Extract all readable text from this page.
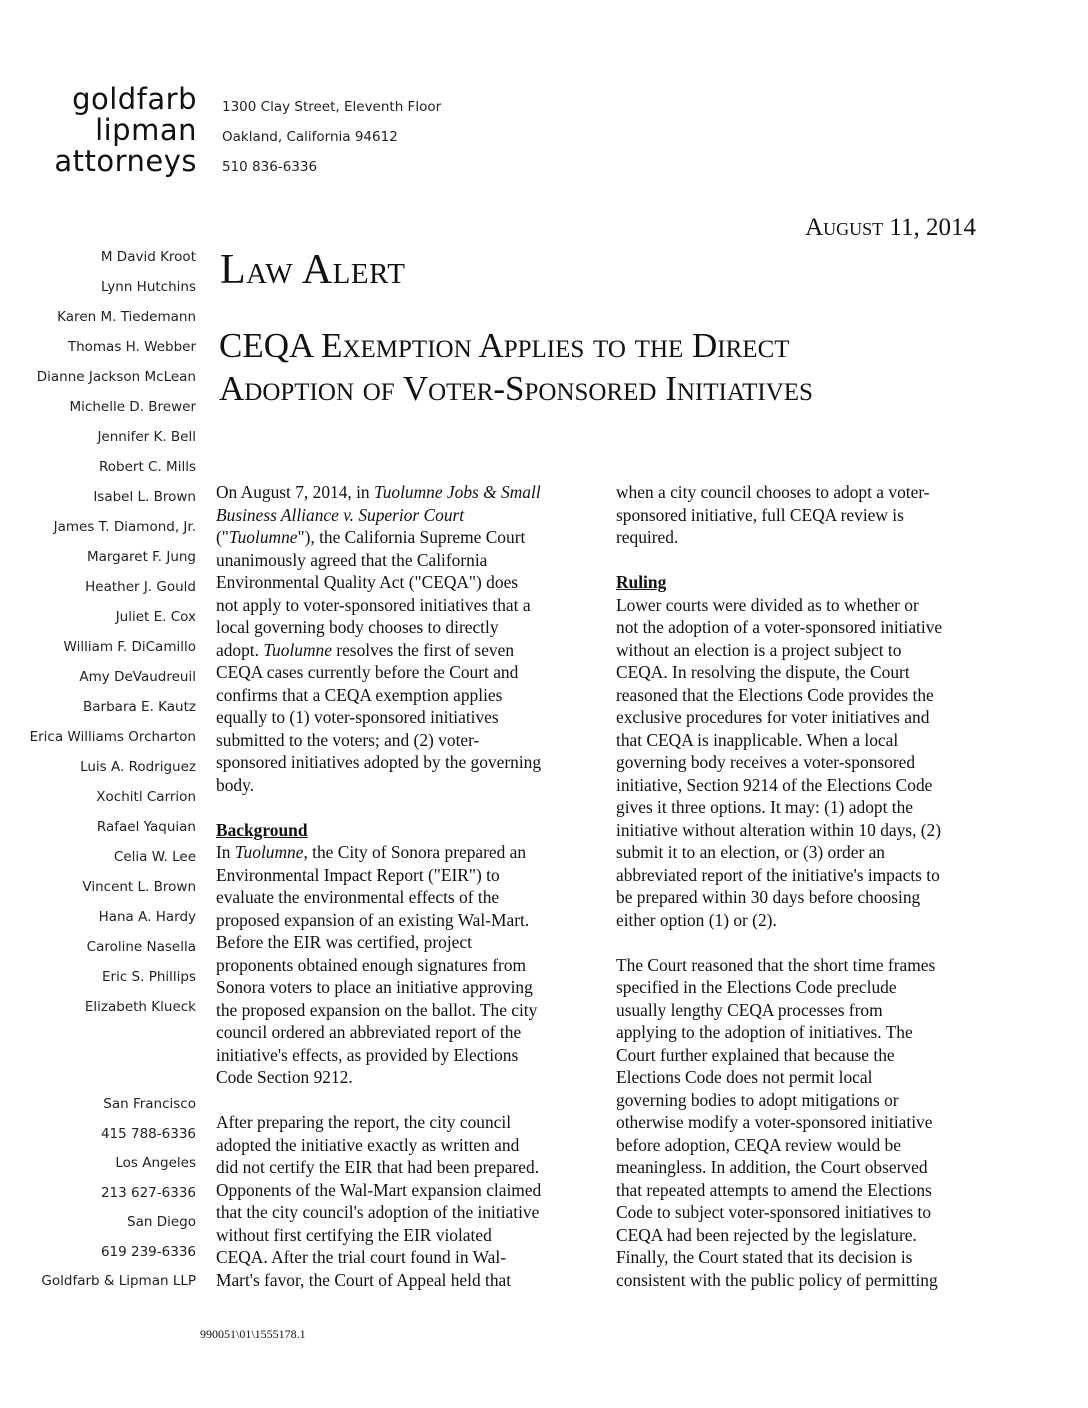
goldfarb
lipman
attorneys
1300 Clay Street, Eleventh Floor
Oakland, California 94612
510 836-6336
August 11, 2014
M David Kroot
Lynn Hutchins
Karen M. Tiedemann
Thomas H. Webber
Dianne Jackson McLean
Michelle D. Brewer
Jennifer K. Bell
Robert C. Mills
Isabel L. Brown
James T. Diamond, Jr.
Margaret F. Jung
Heather J. Gould
Juliet E. Cox
William F. DiCamillo
Amy DeVaudreuil
Barbara E. Kautz
Erica Williams Orcharton
Luis A. Rodriguez
Xochitl Carrion
Rafael Yaquian
Celia W. Lee
Vincent L. Brown
Hana A. Hardy
Caroline Nasella
Eric S. Phillips
Elizabeth Klueck
San Francisco
415 788-6336
Los Angeles
213 627-6336
San Diego
619 239-6336
Goldfarb & Lipman LLP
Law Alert
CEQA Exemption Applies to the Direct
Adoption of Voter-Sponsored Initiatives
On August 7, 2014, in Tuolumne Jobs & Small
Business Alliance v. Superior Court
("Tuolumne"), the California Supreme Court
unanimously agreed that the California
Environmental Quality Act ("CEQA") does
not apply to voter-sponsored initiatives that a
local governing body chooses to directly
adopt. Tuolumne resolves the first of seven
CEQA cases currently before the Court and
confirms that a CEQA exemption applies
equally to (1) voter-sponsored initiatives
submitted to the voters; and (2) voter-
sponsored initiatives adopted by the governing
body.
Background
In Tuolumne, the City of Sonora prepared an
Environmental Impact Report ("EIR") to
evaluate the environmental effects of the
proposed expansion of an existing Wal-Mart.
Before the EIR was certified, project
proponents obtained enough signatures from
Sonora voters to place an initiative approving
the proposed expansion on the ballot. The city
council ordered an abbreviated report of the
initiative's effects, as provided by Elections
Code Section 9212.
After preparing the report, the city council
adopted the initiative exactly as written and
did not certify the EIR that had been prepared.
Opponents of the Wal-Mart expansion claimed
that the city council's adoption of the initiative
without first certifying the EIR violated
CEQA. After the trial court found in Wal-
Mart's favor, the Court of Appeal held that
when a city council chooses to adopt a voter-
sponsored initiative, full CEQA review is
required.
Ruling
Lower courts were divided as to whether or
not the adoption of a voter-sponsored initiative
without an election is a project subject to
CEQA. In resolving the dispute, the Court
reasoned that the Elections Code provides the
exclusive procedures for voter initiatives and
that CEQA is inapplicable. When a local
governing body receives a voter-sponsored
initiative, Section 9214 of the Elections Code
gives it three options. It may: (1) adopt the
initiative without alteration within 10 days, (2)
submit it to an election, or (3) order an
abbreviated report of the initiative's impacts to
be prepared within 30 days before choosing
either option (1) or (2).
The Court reasoned that the short time frames
specified in the Elections Code preclude
usually lengthy CEQA processes from
applying to the adoption of initiatives. The
Court further explained that because the
Elections Code does not permit local
governing bodies to adopt mitigations or
otherwise modify a voter-sponsored initiative
before adoption, CEQA review would be
meaningless. In addition, the Court observed
that repeated attempts to amend the Elections
Code to subject voter-sponsored initiatives to
CEQA had been rejected by the legislature.
Finally, the Court stated that its decision is
consistent with the public policy of permitting
990051\01\1555178.1
